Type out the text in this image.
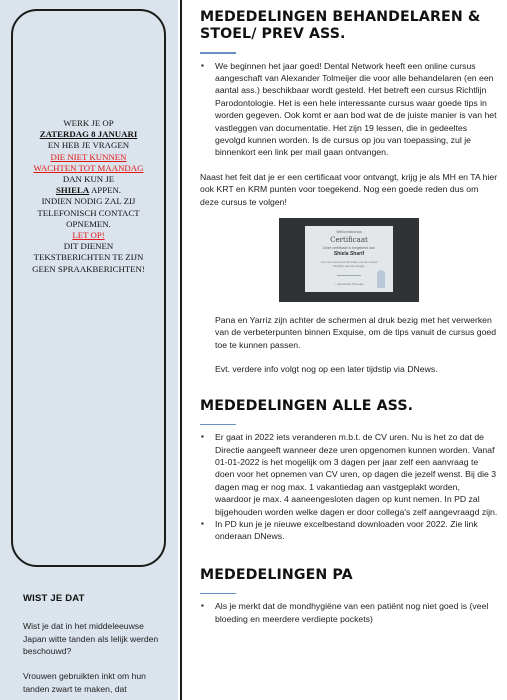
WERK JE OP
ZATERDAG 8 JANUARI
EN HEB JE VRAGEN
DIE NIET KUNNEN
WACHTEN TOT MAANDAG
DAN KUN JE
SHIELA APPEN.
INDIEN NODIG ZAL ZIJ
TELEFONISCH CONTACT
OPNEMEN.
LET OP!
DIT DIENEN
TEKSTBERICHTEN TE ZIJN
GEEN SPRAAKBERICHTEN!
WIST JE DAT

Wist je dat in het middeleeuwse Japan witte tanden als lelijk werden beschouwd?

Vrouwen gebruikten inkt om hun tanden zwart te maken, dat

MEDEDELINGEN BEHANDELAREN & STOEL/ PREV ASS.
▪ We beginnen het jaar goed! Dental Network heeft een online cursus aangeschaft van Alexander Tolmeijer die voor alle behandelaren (en een aantal ass.) beschikbaar wordt gesteld. Het betreft een cursus Richtlijn Parodontologie. Het is een hele interessante cursus waar goede tips in worden gegeven. Ook komt er aan bod wat de de juiste manier is van het vastleggen van documentatie. Het zijn 19 lessen, die in gedeeltes gevolgd kunnen worden. Is de cursus op jou van toepassing, zul je binnenkort een link per mail gaan ontvangen.

Naast het feit dat je er een certificaat voor ontvangt, krijg je als MH en TA hier ook KRT en KRM punten voor toegekend. Nog een goede reden dus om deze cursus te volgen!

Welkomstcursus
Certificaat
Deze certificaat is toegekend aan
Shiela Sharif
voor het succesvol afronden van de cursus Richtlijn parodontologie
— Alexander Tolmeijer

Pana en Yarriz zijn achter de schermen al druk bezig met het verwerken van de verbeterpunten binnen Exquise, om de tips vanuit de cursus goed toe te kunnen passen.

Evt. verdere info volgt nog op een later tijdstip via DNews.

MEDEDELINGEN ALLE ASS.
▪ Er gaat in 2022 iets veranderen m.b.t. de CV uren. Nu is het zo dat de Directie aangeeft wanneer deze uren opgenomen kunnen worden. Vanaf 01-01-2022 is het mogelijk om 3 dagen per jaar zelf een aanvraag te doen voor het opnemen van CV uren, op dagen die jezelf wenst. Bij die 3 dagen mag er nog max. 1 vakantiedag aan vastgeplakt worden, waardoor je max. 4 aaneengesloten dagen op kunt nemen. In PD zal bijgehouden worden welke dagen er door collega's zelf aangevraagd zijn.
▪ In PD kun je je nieuwe excelbestand downloaden voor 2022. Zie link onderaan DNews.
MEDEDELINGEN PA
▪ Als je merkt dat de mondhygiëne van een patiënt nog niet goed is (veel bloeding en meerdere verdiepte pockets)
